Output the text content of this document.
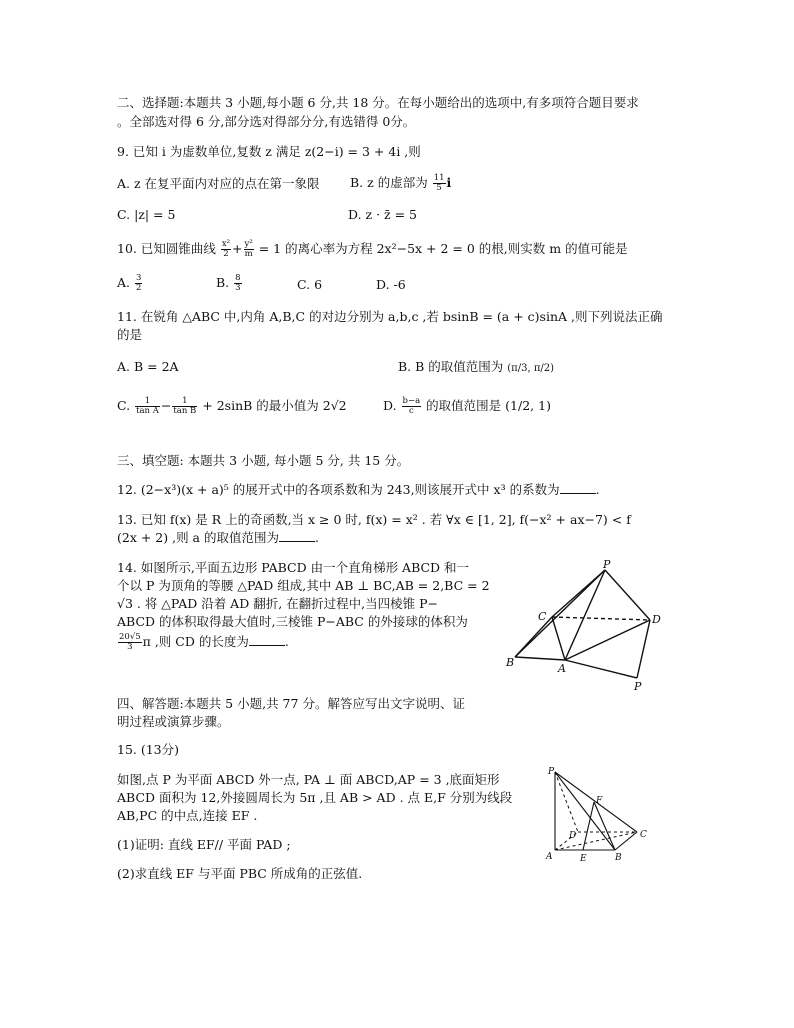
二、选择题:本题共 3 小题,每小题 6 分,共 18 分。在每小题给出的选项中,有多项符合题目要求
。全部选对得 6 分,部分选对得部分分,有选错得 0分。
9. 已知 i 为虚数单位,复数 z 满足 z(2−i) = 3 + 4i ,则
A. z 在复平面内对应的点在第一象限 B. z 的虚部为 $\frac{11}{5}$ i
C. |z| = 5	D. z · z̄ = 5
10. 已知圆锥曲线 $\frac{\text{x²}}{2} + \frac{\text{y²}}{m} = 1$ 的离心率为方程 2x²−5x + 2 = 0 的根,则实数 m 的值可能是
A. $\frac{3}{2}$	B. $\frac{8}{3}$	C. 6	D. -6
11. 在锐角 △ABC 中,内角 A,B,C 的对边分别为 a,b,c ,若 bsinB = (a + c)sinA ,则下列说法正确
的是
A. B = 2A	B. B 的取值范围为 (π/3, π/2)
C. $\frac{1}{\text{tan A}} - \frac{1}{\text{tan B}} + 2\sin B$ 的最小值为 2√2	D. $\frac{b-a}{c}$ 的取值范围是 (1/2, 1)
三、填空题: 本题共 3 小题, 每小题 5 分, 共 15 分。
12. (2−x³)(x + a)⁵ 的展开式中的各项系数和为 243,则该展开式中 x³ 的系数为	.
13. 已知 f(x) 是 R 上的奇函数,当 x ≥ 0 时, f(x) = x² . 若 ∀x ∈ [1, 2], f(−x² + ax−7) < f
(2x + 2) ,则 a 的取值范围为	.
14. 如图所示,平面五边形 PABCD 由一个直角梯形 ABCD 和一
个以 P 为顶角的等腰 △PAD 组成,其中 AB ⊥ BC,AB = 2,BC = 2
√3 . 将 △PAD 沿着 AD 翻折, 在翻折过程中,当四棱锥 P−
ABCD 的体积取得最大值时,三棱锥 P−ABC 的外接球的体积为
$\frac{20√5}{3}$ π ,则 CD 的长度为	.
P
C	D
B	A
P
四、解答题:本题共 5 小题,共 77 分。解答应写出文字说明、证
明过程或演算步骤。
15. (13分)
如图,点 P 为平面 ABCD 外一点, PA ⊥ 面 ABCD,AP = 3 ,底面矩形
ABCD 面积为 12,外接圆周长为 5π ,且 AB > AD . 点 E,F 分别为线段
AB,PC 的中点,连接 EF .
(1)证明: 直线 EF// 平面 PAD ;
(2)求直线 EF 与平面 PBC 所成角的正弦值.
P
F
D	C
A	E	B
